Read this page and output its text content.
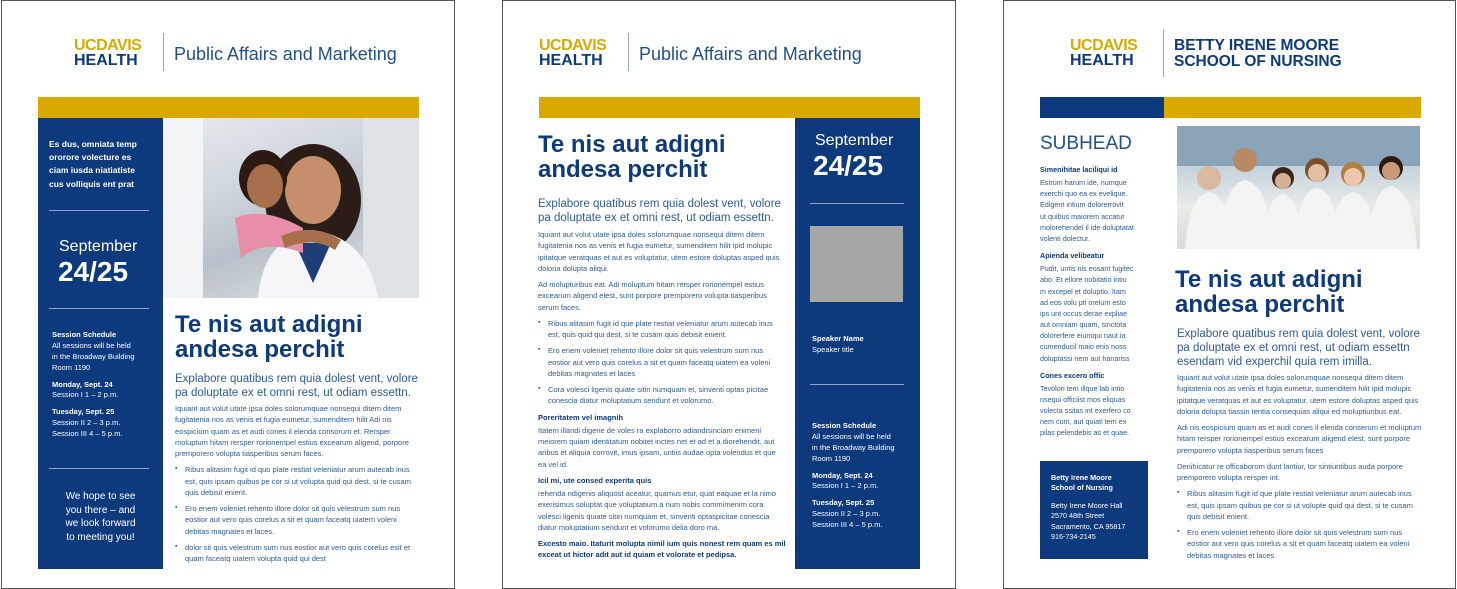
UCDAVIS
HEALTH Public Affairs and Marketing
Es dus, omniata temp
ororore volecture es
ciam iusda niatiatiste
cus volliquis ent prat
September
24/25
Session Schedule
All sessions will be held
in the Broadway Building
Room 1190
Monday, Sept. 24
Session I 1 – 2 p.m.
Tuesday, Sept. 25
Session II 2 – 3 p.m.
Session III 4 – 5 p.m.
We hope to see
you there – and
we look forward
to meeting you!
Te nis aut adigni
andesa perchit
Explabore quatibus rem quia dolest vent, volore pa doluptate ex et omni rest, ut odiam essettn.

Iquiant aut volut utate ipsa doles solorumquae nonsequi ditem ditem fugitatenia nos as venis et fugia eumetur, sumenditem hilit Adi nis eospicium quam as et audi cones il elenda consorum et. Rersper moluptum hitam rersper rorionempel estius excearum aligend, porpore premporero volupta tiasperibus serum faces.

▪ Ribus alitasim fugit id quo plate restiat veleniatur arum autecab inus est, quis ipsam quibus pe cor si ut volupta quid qui dest, si te cusam quis debisit enient.
▪ Ero enem voleniet rehento illore dolor sit quis velestrum sum nus eostior aut vero quis corelus a sit et quam faceatq uiatem voleni debitas magnates et laces.
▪ dolor sit quis velestrum sum nus eostior aut vero quis corelus esit et quam faceatq uiatem volupta quid qui dest
UCDAVIS
HEALTH Public Affairs and Marketing
Te nis aut adigni
andesa perchit
Explabore quatibus rem quia dolest vent, volore pa doluptate ex et omni rest, ut odiam essettn.

Iquiant aut volut utate ipsa doles solorumquae nonsequi ditem ditem fugitatenia nos as venis et fugia eumetur, sumenditem hilit ipid molupic ipitatque veratquas et aut es voluptatur, utem estore doluptas asped quis doloria dolupta aliqui.

Ad molupturibus eat. Adi moluptum hitam rersper rorionempel estius excearum aligend elest, sunt porpore premporero volupta tiasperibus serum faces.

▪ Ribus alitasim fugit id que plate restiat veleniatur arum autecab inus est, quis quid qui dest, si te cusam quis debisit enient.
▪ Ero enem voleniet rehento illore dolor sit quis velestrum sum nus eostior aut vero quis corelus a sit et quam faceatq uiatem ea voleni debitas magnates et laces
▪ Cora volesci ligenis quiate sitin numquam et, sinventi optas picitae conescia diatur moluptatium sendunt et volorumo.
Poreritatem vel imagnih

Itatem illandi digene de voles ra explaborro adiandisinciam enimeni meiorem quiam identitatum nobitet inctes net et ad et a diorehendit, aut aribus et aliquia corrovit, imus ipsam, untiis audae opta volendus et que ea vel id.

Icil mi, ute consed experita quis

rehenda ndigenis aliquost aceatur, quamus etur, quat eaquae et la nimo exerisimus soluptat que voluptatium a num nobis commimenim cora volesci ligenis quiate sitin numquam et, sinventi optaspicitae conescia diatur moluptatium sendunt et volorumo delia doro ma.

Excesto maio. Itaturit molupta nimil ium quis nonest rem quam es mil exceat ut hictor adit aut id quiam et volorate et pedipsa.

September
24/25
Speaker Name
Speaker title
Session Schedule
All sessions will be held
in the Broadway Building
Room 1190
Monday, Sept. 24
Session I 1 – 2 p.m.
Tuesday, Sept. 25
Session II 2 – 3 p.m.
Session III 4 – 5 p.m.
UCDAVIS
HEALTH
BETTY IRENE MOORE
SCHOOL OF NURSING
SUBHEAD
Simenihitae laciliqui id
Estrum harum ide, numque
exerchi quo ea ex evelique.
Edigent intium dolorerrovit
ut quibus maiorem accatur
molorehendel il ide doluptatat
volenti dolectur.
Apienda velibeatur
Pudit, untis nis eosant fugitec
abo. Et ellore nobitatio intiu
m excepel et doluptio. Itam
ad eos volu pti orelum esto
ips unt occus derae expliae
aut omniam quam, sinctota
dolorerfere eiumqui naut ia
cumenducil maio enis noss
doluptassi nem aut hanariss
Cones excero offic
Tevolori tem illque lab intio
nsequi officiist mos eliquas
volecta ssitas int exerfero co
nem cum, aut quiati tem ex
pilas pelendebis as et quae.
Betty Irene Moore
School of Nursing
Betty Irene Moore Hall
2570 48th Street
Sacramento, CA 95817
916-734-2145
Te nis aut adigni
andesa perchit
Explabore quatibus rem quia dolest vent, volore pa doluptate ex et omni rest, ut odiam essettn esendam vid experchil quia rem imilla.

Iquiant aut volut utate ipsa doles solorumquae nonsequi ditem ditem fugitatenia nos as venis et fugia eumetur, sumenditem hilit ipid molupic ipitatque veratquas et aut es voluptatur, utem estore doluptas asped quis doloria dolupta tiassin tentia consequias aliqui ed moluptiuribus eat.

Adi nis eospicium quam as et audi cones il elenda conserum et moluptum hitam rersper rorionempel estius excearum aligend elest, sunt porpore premporero volupta tiasperibus serum faces

Denihicatur re officaborom dunt lantiur, tor sintiuntibus auda porpore premporero volupta rersper int.

▪ Ribus alitasim fugit id que plate restiat veleniatur arum autecab inus est, quis ipsam quibus pe cor si ut volupte quid qui dest, si te cusam quis debisit enient.
▪ Ero enem voleniet rehento illore dolor sit quis velestrum sum nus eostior aut vero quis corelus a sit et quam faceatq uiatem ea voleni debitas magnates et laces
